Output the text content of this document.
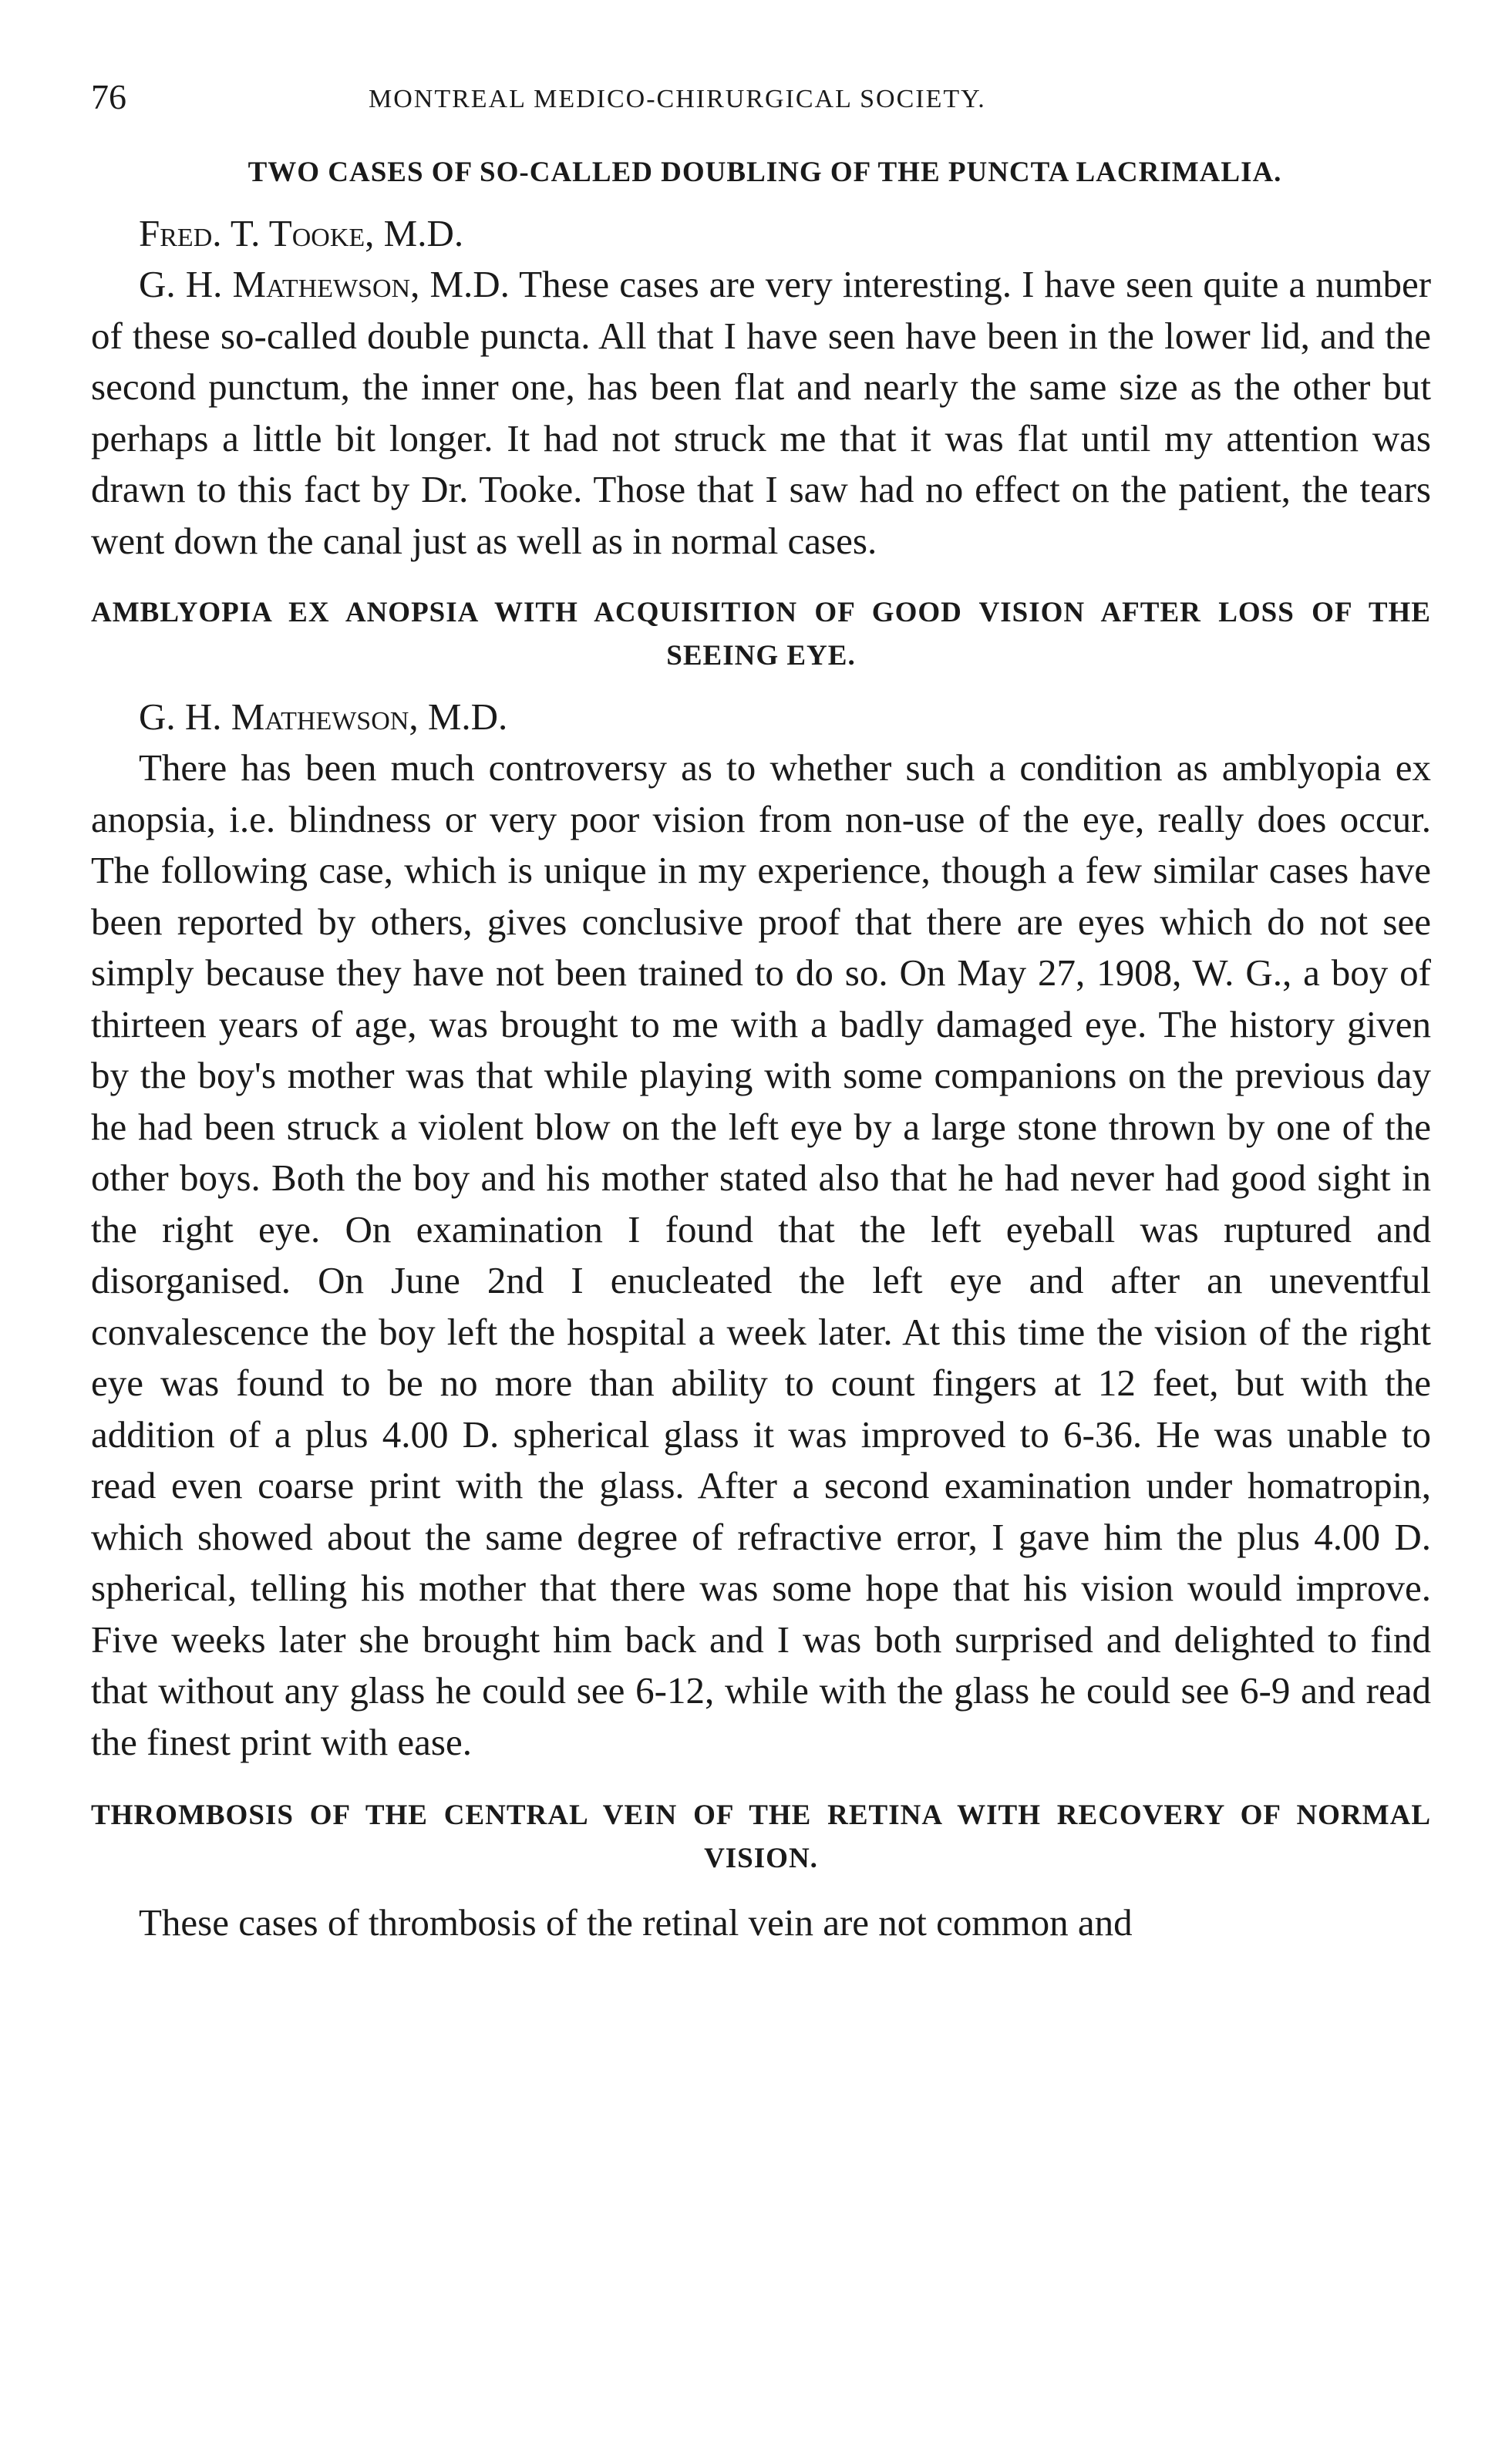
76	MONTREAL MEDICO-CHIRURGICAL SOCIETY.
TWO CASES OF SO-CALLED DOUBLING OF THE PUNCTA LACRIMALIA.

Fred. T. Tooke, M.D.

G. H. Mathewson, M.D. These cases are very interesting. I have seen quite a number of these so-called double puncta. All that I have seen have been in the lower lid, and the second punctum, the inner one, has been flat and nearly the same size as the other but perhaps a little bit longer. It had not struck me that it was flat until my attention was drawn to this fact by Dr. Tooke. Those that I saw had no effect on the patient, the tears went down the canal just as well as in normal cases.

AMBLYOPIA EX ANOPSIA WITH ACQUISITION OF GOOD VISION AFTER LOSS OF THE SEEING EYE.

G. H. Mathewson, M.D.

There has been much controversy as to whether such a condition as amblyopia ex anopsia, i.e. blindness or very poor vision from non-use of the eye, really does occur. The following case, which is unique in my experience, though a few similar cases have been reported by others, gives conclusive proof that there are eyes which do not see simply because they have not been trained to do so. On May 27, 1908, W. G., a boy of thirteen years of age, was brought to me with a badly damaged eye. The history given by the boy's mother was that while playing with some companions on the previous day he had been struck a violent blow on the left eye by a large stone thrown by one of the other boys. Both the boy and his mother stated also that he had never had good sight in the right eye. On examination I found that the left eyeball was ruptured and disorganised. On June 2nd I enucleated the left eye and after an uneventful convalescence the boy left the hospital a week later. At this time the vision of the right eye was found to be no more than ability to count fingers at 12 feet, but with the addition of a plus 4.00 D. spherical glass it was improved to 6-36. He was unable to read even coarse print with the glass. After a second examination under homatropin, which showed about the same degree of refractive error, I gave him the plus 4.00 D. spherical, telling his mother that there was some hope that his vision would improve. Five weeks later she brought him back and I was both surprised and delighted to find that without any glass he could see 6-12, while with the glass he could see 6-9 and read the finest print with ease.

THROMBOSIS OF THE CENTRAL VEIN OF THE RETINA WITH RECOVERY OF NORMAL VISION.

These cases of thrombosis of the retinal vein are not common and
